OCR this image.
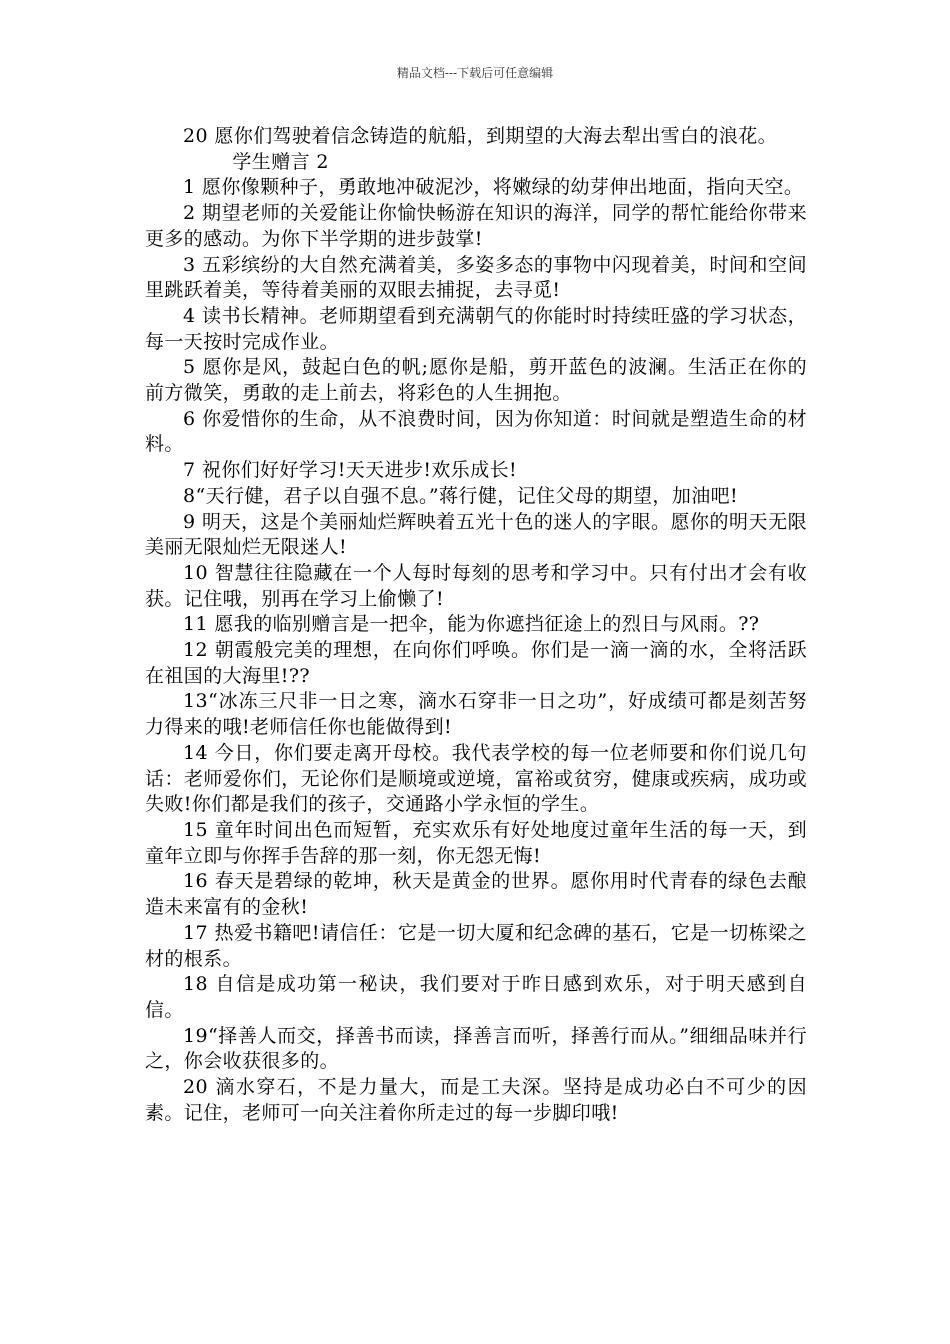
精品文档---下载后可任意编辑

20 愿你们驾驶着信念铸造的航船，到期望的大海去犁出雪白的浪花。

学生赠言 2

1 愿你像颗种子，勇敢地冲破泥沙，将嫩绿的幼芽伸出地面，指向天空。

2 期望老师的关爱能让你愉快畅游在知识的海洋，同学的帮忙能给你带来更多的感动。为你下半学期的进步鼓掌!

3 五彩缤纷的大自然充满着美，多姿多态的事物中闪现着美，时间和空间里跳跃着美，等待着美丽的双眼去捕捉，去寻觅!

4 读书长精神。老师期望看到充满朝气的你能时时持续旺盛的学习状态，每一天按时完成作业。

5 愿你是风，鼓起白色的帆;愿你是船，剪开蓝色的波澜。生活正在你的前方微笑，勇敢的走上前去，将彩色的人生拥抱。

6 你爱惜你的生命，从不浪费时间，因为你知道：时间就是塑造生命的材料。

7 祝你们好好学习!天天进步!欢乐成长!

8“天行健，君子以自强不息。”蒋行健，记住父母的期望，加油吧!

9 明天，这是个美丽灿烂辉映着五光十色的迷人的字眼。愿你的明天无限美丽无限灿烂无限迷人!

10 智慧往往隐藏在一个人每时每刻的思考和学习中。只有付出才会有收获。记住哦，别再在学习上偷懒了!

11 愿我的临别赠言是一把伞，能为你遮挡征途上的烈日与风雨。??

12 朝霞般完美的理想，在向你们呼唤。你们是一滴一滴的水，全将活跃在祖国的大海里!??

13“冰冻三尺非一日之寒，滴水石穿非一日之功”，好成绩可都是刻苦努力得来的哦!老师信任你也能做得到!

14 今日，你们要走离开母校。我代表学校的每一位老师要和你们说几句话：老师爱你们，无论你们是顺境或逆境，富裕或贫穷，健康或疾病，成功或失败!你们都是我们的孩子，交通路小学永恒的学生。

15 童年时间出色而短暂，充实欢乐有好处地度过童年生活的每一天，到童年立即与你挥手告辞的那一刻，你无怨无悔!

16 春天是碧绿的乾坤，秋天是黄金的世界。愿你用时代青春的绿色去酿造未来富有的金秋!

17 热爱书籍吧!请信任：它是一切大厦和纪念碑的基石，它是一切栋梁之材的根系。

18 自信是成功第一秘诀，我们要对于昨日感到欢乐，对于明天感到自信。

19“择善人而交，择善书而读，择善言而听，择善行而从。”细细品味并行之，你会收获很多的。

20 滴水穿石，不是力量大，而是工夫深。坚持是成功必白不可少的因素。记住，老师可一向关注着你所走过的每一步脚印哦!
